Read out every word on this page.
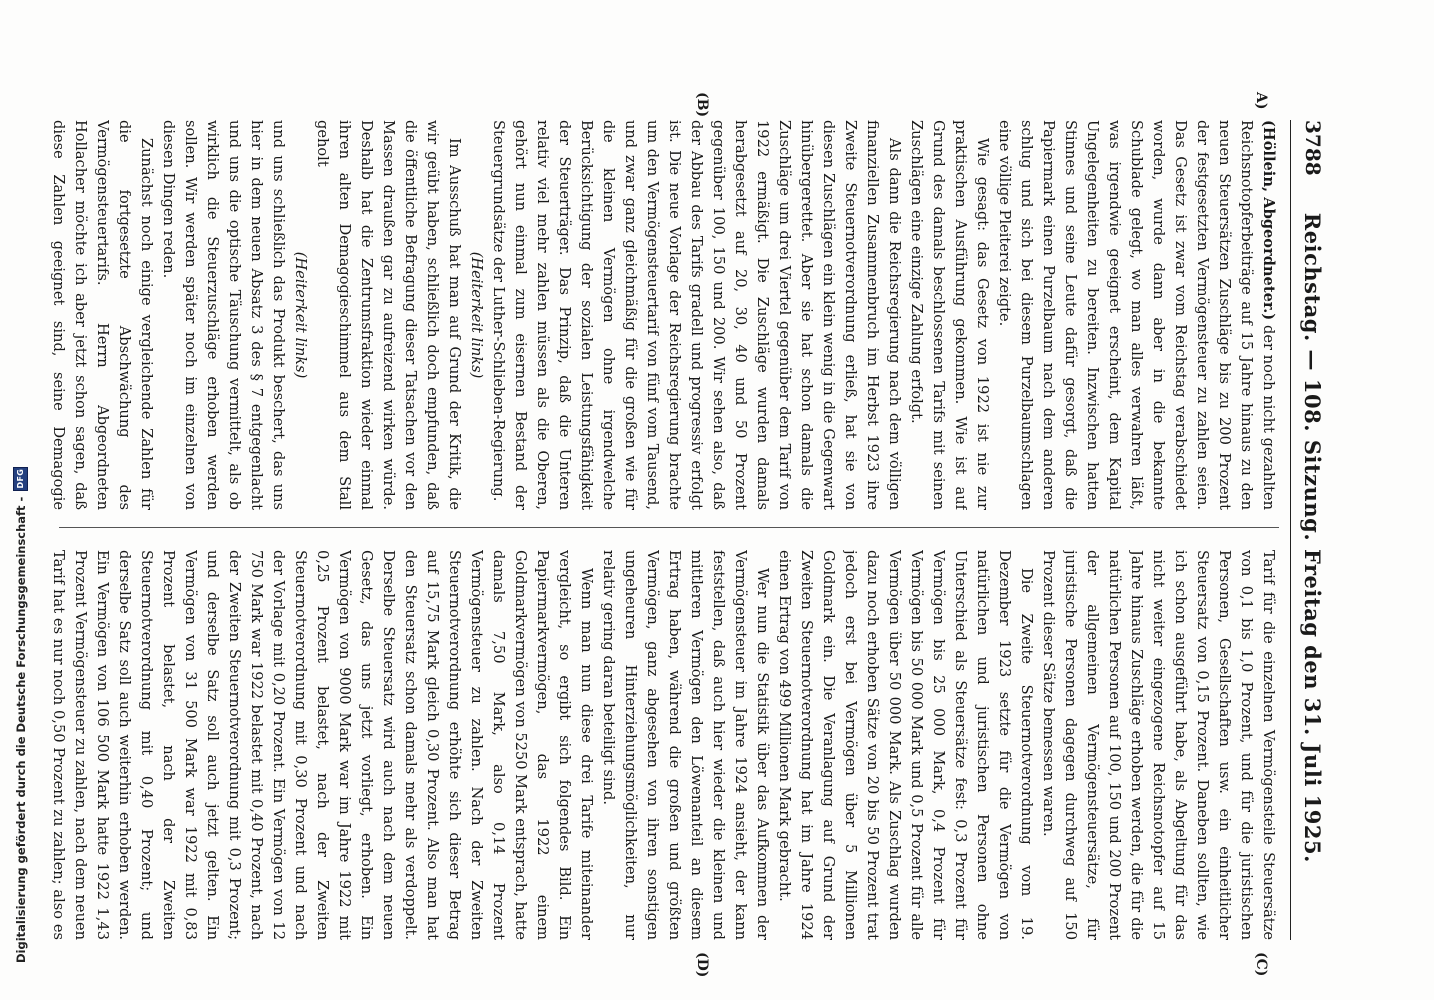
Digitalisierung gefördert durch die Deutsche Forschungsgemeinschaft -
DFG
3788
Reichstag. — 108. Sitzung. Freitag den 31. Juli 1925.
A)
(B)
(C)
(D)

(Höllein, Abgeordneter.) der noch nicht gezahlten Reichsnotopferbeiträge auf 15 Jahre hinaus zu den neuen Steuersätzen Zuschläge bis zu 200 Prozent der festgesetzten Vermögensteuer zu zahlen seien. Das Gesetz ist zwar vom Reichstag verabschiedet worden, wurde dann aber in die bekannte Schublade gelegt, wo man alles verwahren läßt, was irgendwie geeignet erscheint, dem Kapital Ungelegenheiten zu bereiten. Inzwischen hatten Stinnes und seine Leute dafür gesorgt, daß die Papiermark einen Purzelbaum nach dem anderen schlug und sich bei diesem Purzelbaumschlagen eine völlige Pleiterei zeigte.

Wie gesagt: das Gesetz von 1922 ist nie zur praktischen Ausführung gekommen. Wie ist auf Grund des damals beschlossenen Tarifs mit seinen Zuschlägen eine einzige Zahlung erfolgt.

Als dann die Reichsregierung nach dem völligen finanziellen Zusammenbruch im Herbst 1923 ihre Zweite Steuernotverordnung erließ, hat sie von diesen Zuschlägen ein klein wenig in die Gegenwart hinübergerettet. Aber sie hat schon damals die Zuschläge um drei Viertel gegenüber dem Tarif von 1922 ermäßigt. Die Zuschläge wurden damals herabgesetzt auf 20, 30, 40 und 50 Prozent gegenüber 100, 150 und 200. Wir sehen also, daß der Abbau des Tarifs gradell und progressiv erfolgt ist. Die neue Vorlage der Reichsregierung brachte um den Vermögensteuertarif von fünf vom Tausend, und zwar ganz gleichmäßig für die großen wie für die kleinen Vermögen ohne irgendwelche Berücksichtigung der sozialen Leistungsfähigkeit der Steuerträger. Das Prinzip, daß die Unteren relativ viel mehr zahlen müssen als die Oberen, gehört nun einmal zum eisernen Bestand der Steuergrundsätze der Luther-Schlieben-Regierung.

(Heiterkeit links)

Im Ausschuß hat man auf Grund der Kritik, die wir geübt haben, schließlich doch empfunden, daß die öffentliche Befragung dieser Tatsachen vor den Massen draußen gar zu aufreizend wirken würde. Deshalb hat die Zentrumsfraktion wieder einmal ihren alten Demagogieschimmel aus dem Stall geholt

(Heiterkeit links)

und uns schließlich das Produkt beschert, das uns hier in dem neuen Absatz 3 des § 7 entgegenlacht und uns die optische Täuschung vermittelt, als ob wirklich die Steuerzuschläge erhoben werden sollen. Wir werden später noch im einzelnen von diesen Dingen reden.

Zunächst noch einige vergleichende Zahlen für die fortgesetzte Abschwächung des Vermögensteuertarifs. Herrn Abgeordneten Hollacher möchte ich aber jetzt schon sagen, daß diese Zahlen geeignet sind, seine Demagogie

Tarif für die einzelnen Vermögensteile Steuersätze von 0,1 bis 1,0 Prozent, und für die juristischen Personen, Gesellschaften usw. ein einheitlicher Steuersatz von 0,15 Prozent. Daneben sollten, wie ich schon ausgeführt habe, als Abgeltung für das nicht weiter eingezogene Reichsnotopfer auf 15 Jahre hinaus Zuschläge erhoben werden, die für die natürlichen Personen auf 100, 150 und 200 Prozent der allgemeinen Vermögensteuersätze, für juristische Personen dagegen durchweg auf 150 Prozent dieser Sätze bemessen waren.

Die Zweite Steuernotverordnung vom 19. Dezember 1923 setzte für die Vermögen von natürlichen und juristischen Personen ohne Unterschied als Steuersätze fest: 0,3 Prozent für Vermögen bis 25 000 Mark, 0,4 Prozent für Vermögen bis 50 000 Mark und 0,5 Prozent für alle Vermögen über 50 000 Mark. Als Zuschlag wurden dazu noch erhoben Sätze von 20 bis 50 Prozent trat jedoch erst bei Vermögen über 5 Millionen Goldmark ein. Die Veranlagung auf Grund der Zweiten Steuernotverordnung hat im Jahre 1924 einen Ertrag von 499 Millionen Mark gebracht.

Wer nun die Statistik über das Aufkommen der Vermögensteuer im Jahre 1924 ansieht, der kann feststellen, daß auch hier wieder die kleinen und mittleren Vermögen den Löwenanteil an diesem Ertrag haben, während die großen und größten Vermögen, ganz abgesehen von ihren sonstigen ungeheuren Hinterziehungsmöglichkeiten, nur relativ gering daran beteiligt sind.

Wenn man nun diese drei Tarife miteinander vergleicht, so ergibt sich folgendes Bild. Ein Papiermarkvermögen, das 1922 einem Goldmarkvermögen von 5250 Mark entsprach, hatte damals 7,50 Mark, also 0,14 Prozent Vermögensteuer zu zahlen. Nach der Zweiten Steuernotverordnung erhöhte sich dieser Betrag auf 15,75 Mark gleich 0,30 Prozent. Also man hat den Steuersatz schon damals mehr als verdoppelt. Derselbe Steuersatz wird auch nach dem neuen Gesetz, das uns jetzt vorliegt, erhoben. Ein Vermögen von 9000 Mark war im Jahre 1922 mit 0,25 Prozent belastet, nach der Zweiten Steuernotverordnung mit 0,30 Prozent und nach der Vorlage mit 0,20 Prozent. Ein Vermögen von 12 750 Mark war 1922 belastet mit 0,40 Prozent, nach der Zweiten Steuernotverordnung mit 0,3 Prozent; und derselbe Satz soll auch jetzt gelten. Ein Vermögen von 31 500 Mark war 1922 mit 0,83 Prozent belastet, nach der Zweiten Steuernotverordnung mit 0,40 Prozent; und derselbe Satz soll auch weiterhin erhoben werden. Ein Vermögen von 106 500 Mark hatte 1922 1,43 Prozent Vermögensteuer zu zahlen, nach dem neuen Tarif hat es nur noch 0,50 Prozent zu zahlen; also es
